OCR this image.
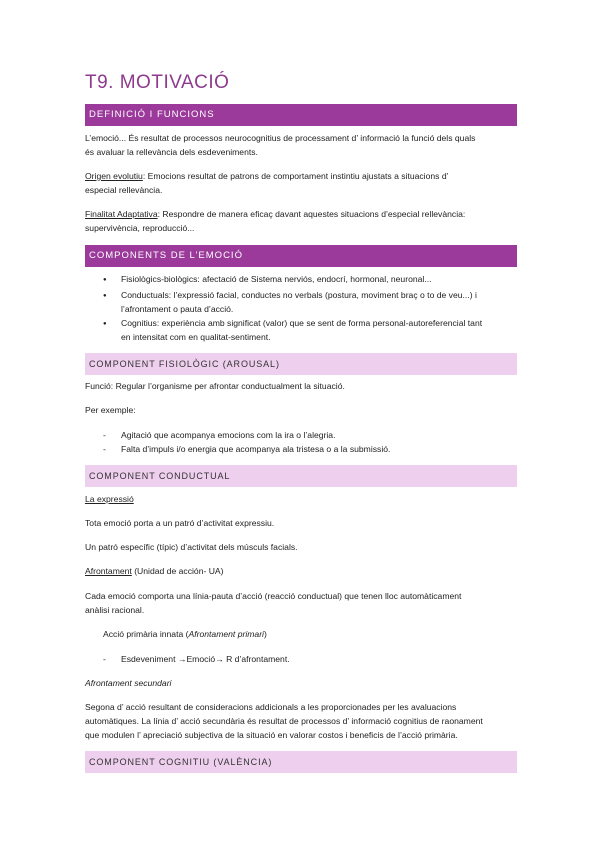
T9. MOTIVACIÓ
DEFINICIÓ I FUNCIONS
L’emoció... És resultat de processos neurocognitius de processament d’ informació la funció dels quals
és avaluar la rellevància dels esdeveniments.
Origen evolutiu: Emocions resultat de patrons de comportament instintiu ajustats a situacions d’
especial rellevància.
Finalitat Adaptativa: Respondre de manera eficaç davant aquestes situacions d’especial rellevància:
supervivència, reproducció...
COMPONENTS DE L’EMOCIÓ
● Fisiològics-biològics: afectació de Sistema nerviós, endocrí, hormonal, neuronal...
● Conductuals: l’expressió facial, conductes no verbals (postura, moviment braç o to de veu...) i
l’afrontament o pauta d’acció.
● Cognitius: experiència amb significat (valor) que se sent de forma personal-autoreferencial tant
en intensitat com en qualitat-sentiment.
COMPONENT FISIOLÒGIC (AROUSAL)
Funció: Regular l’organisme per afrontar conductualment la situació.
Per exemple:
- Agitació que acompanya emocions com la ira o l’alegria.
- Falta d’impuls i/o energia que acompanya ala tristesa o a la submissió.
COMPONENT CONDUCTUAL
La expressió
Tota emoció porta a un patró d’activitat expressiu.
Un patró específic (típic) d’activitat dels músculs facials.
Afrontament (Unidad de acción- UA)
Cada emoció comporta una línia-pauta d’acció (reacció conductual) que tenen lloc automàticament
anàlisi racional.
Acció primària innata (Afrontament primari)
- Esdeveniment →Emoció→ R d’afrontament.
Afrontament secundari
Segona d’ acció resultant de consideracions addicionals a les proporcionades per les avaluacions
automàtiques. La línia d’ acció secundària és resultat de processos d’ informació cognitius de raonament
que modulen l’ apreciació subjectiva de la situació en valorar costos i beneficis de l’acció primària.
COMPONENT COGNITIU (VALÈNCIA)
